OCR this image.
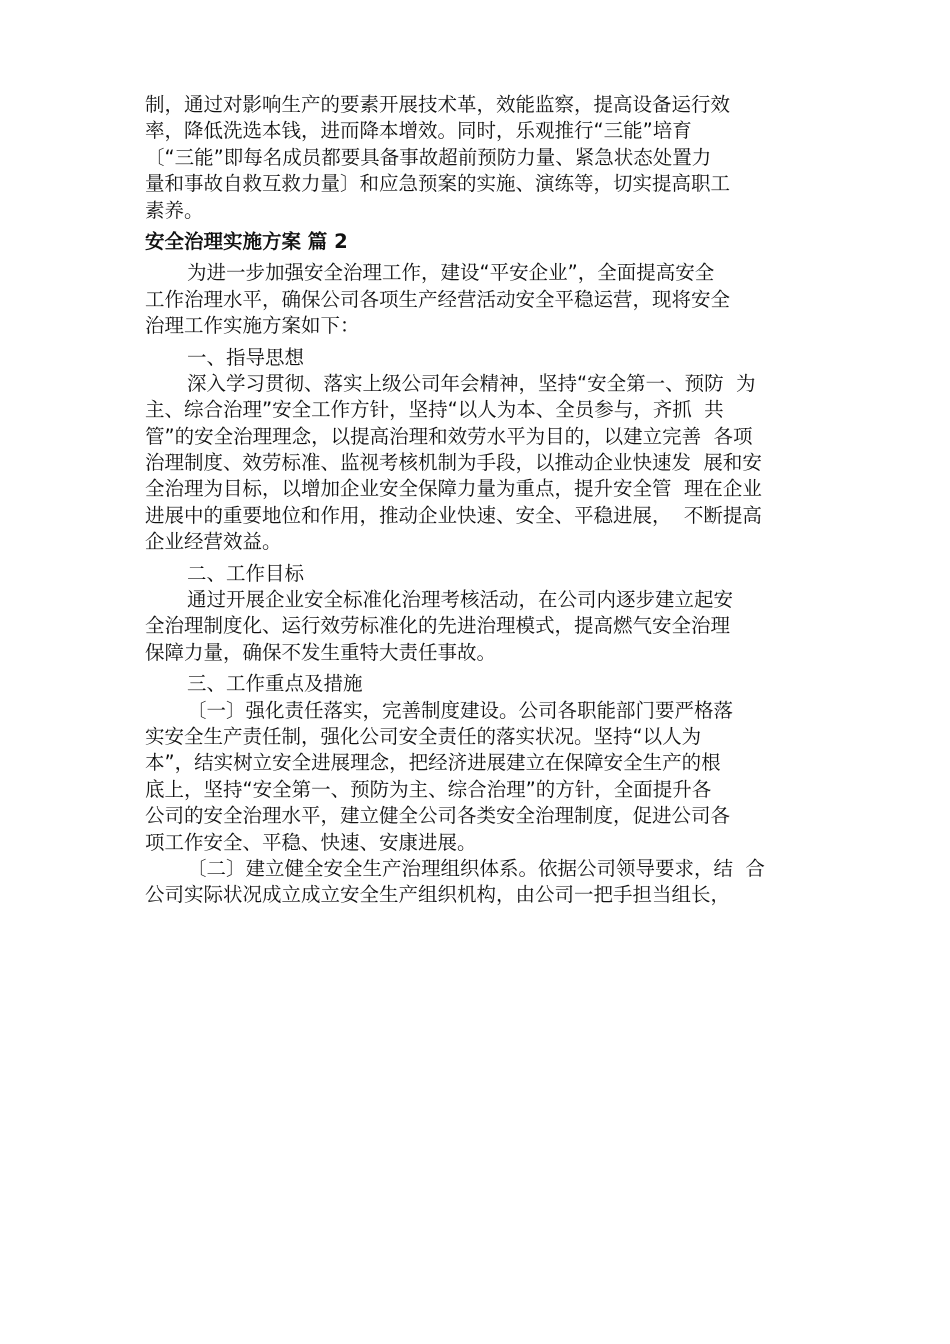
制，通过对影响生产的要素开展技术革，效能监察，提高设备运行效
率，降低洗选本钱，进而降本增效。同时，乐观推行“三能”培育
〔“三能”即每名成员都要具备事故超前预防力量、紧急状态处置力
量和事故自救互救力量〕和应急预案的实施、演练等，切实提高职工
素养。
安全治理实施方案 篇 2
为进一步加强安全治理工作，建设“平安企业”，全面提高安全
工作治理水平，确保公司各项生产经营活动安全平稳运营，现将安全
治理工作实施方案如下：
一、指导思想
深入学习贯彻、落实上级公司年会精神，坚持“安全第一、预防  为
主、综合治理”安全工作方针，坚持“以人为本、全员参与，齐抓  共
管”的安全治理理念，以提高治理和效劳水平为目的，以建立完善  各项
治理制度、效劳标准、监视考核机制为手段，以推动企业快速发  展和安
全治理为目标，以增加企业安全保障力量为重点，提升安全管  理在企业
进展中的重要地位和作用，推动企业快速、安全、平稳进展，  不断提高
企业经营效益。
二、工作目标
通过开展企业安全标准化治理考核活动，在公司内逐步建立起安
全治理制度化、运行效劳标准化的先进治理模式，提高燃气安全治理
保障力量，确保不发生重特大责任事故。
三、工作重点及措施
〔一〕强化责任落实，完善制度建设。公司各职能部门要严格落
实安全生产责任制，强化公司安全责任的落实状况。坚持“以人为
本”，结实树立安全进展理念，把经济进展建立在保障安全生产的根
底上，坚持“安全第一、预防为主、综合治理”的方针，全面提升各
公司的安全治理水平，建立健全公司各类安全治理制度，促进公司各
项工作安全、平稳、快速、安康进展。
〔二〕建立健全安全生产治理组织体系。依据公司领导要求，结  合
公司实际状况成立成立安全生产组织机构，由公司一把手担当组长，
